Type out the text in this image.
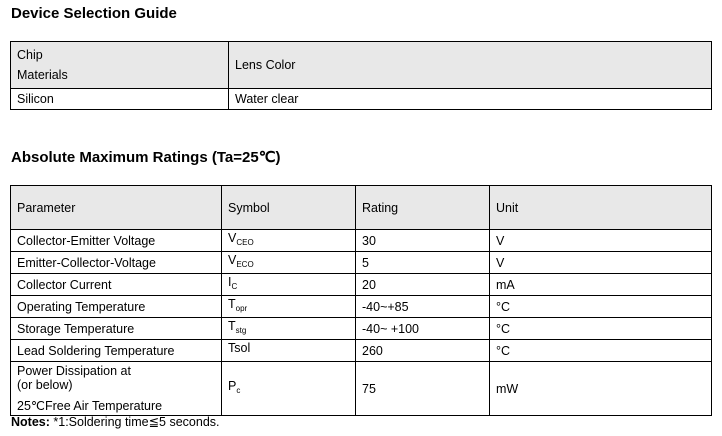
Device Selection Guide
Chip
Materials	Lens Color
Silicon	Water clear
Absolute Maximum Ratings (Ta=25℃)
Parameter	Symbol	Rating	Unit
Collector-Emitter Voltage	$V_{CEO}$	30	V
Emitter-Collector-Voltage	$V_{ECO}$	5	V
Collector Current	$I_C$	20	mA
Operating Temperature	$T_{opr}$	-40~+85	°C
Storage Temperature	$T_{stg}$	-40~ +100	°C
Lead Soldering Temperature	Tsol	260	°C

Power Dissipation at
(or below)
25℃Free Air Temperature	$P_c$	75	mW
Notes: *1:Soldering time≦5 seconds.
